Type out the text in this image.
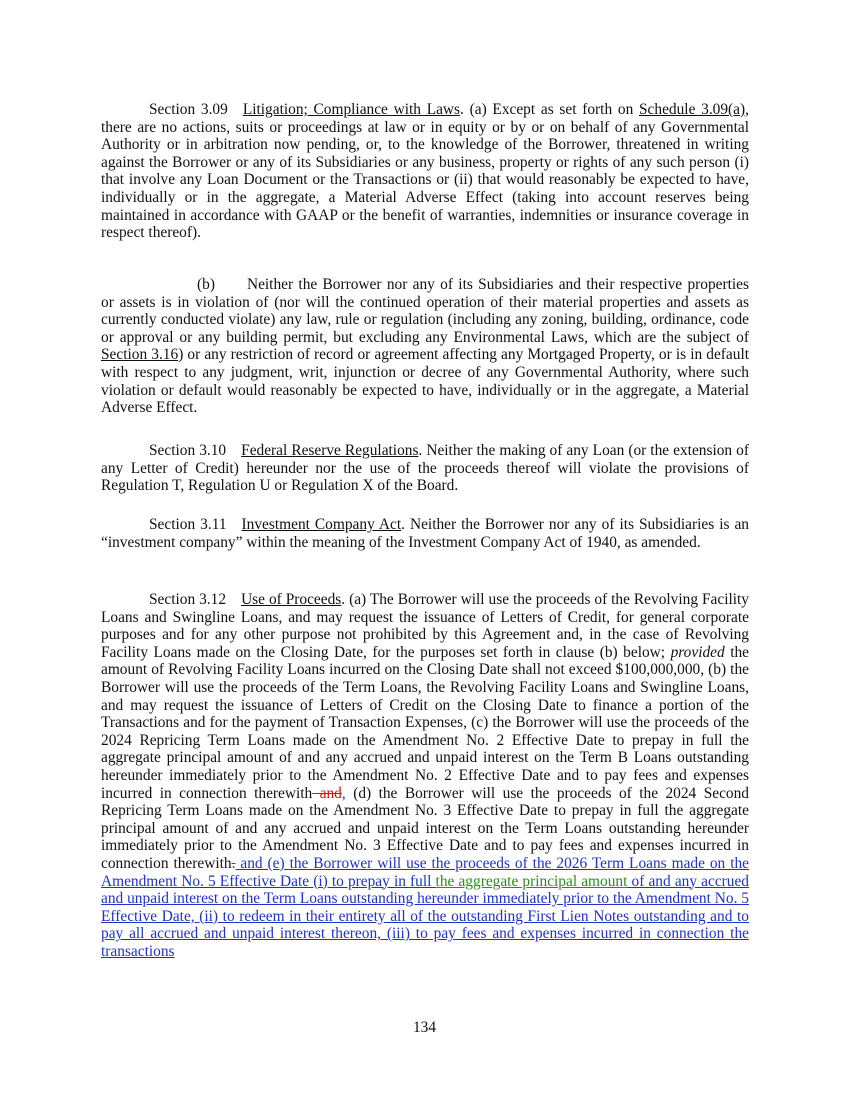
Section 3.09 Litigation; Compliance with Laws. (a) Except as set forth on Schedule 3.09(a), there are no actions, suits or proceedings at law or in equity or by or on behalf of any Governmental Authority or in arbitration now pending, or, to the knowledge of the Borrower, threatened in writing against the Borrower or any of its Subsidiaries or any business, property or rights of any such person (i) that involve any Loan Document or the Transactions or (ii) that would reasonably be expected to have, individually or in the aggregate, a Material Adverse Effect (taking into account reserves being maintained in accordance with GAAP or the benefit of warranties, indemnities or insurance coverage in respect thereof).

(b) Neither the Borrower nor any of its Subsidiaries and their respective properties or assets is in violation of (nor will the continued operation of their material properties and assets as currently conducted violate) any law, rule or regulation (including any zoning, building, ordinance, code or approval or any building permit, but excluding any Environmental Laws, which are the subject of Section 3.16) or any restriction of record or agreement affecting any Mortgaged Property, or is in default with respect to any judgment, writ, injunction or decree of any Governmental Authority, where such violation or default would reasonably be expected to have, individually or in the aggregate, a Material Adverse Effect.

Section 3.10 Federal Reserve Regulations. Neither the making of any Loan (or the extension of any Letter of Credit) hereunder nor the use of the proceeds thereof will violate the provisions of Regulation T, Regulation U or Regulation X of the Board.

Section 3.11 Investment Company Act. Neither the Borrower nor any of its Subsidiaries is an “investment company” within the meaning of the Investment Company Act of 1940, as amended.

Section 3.12 Use of Proceeds. (a) The Borrower will use the proceeds of the Revolving Facility Loans and Swingline Loans, and may request the issuance of Letters of Credit, for general corporate purposes and for any other purpose not prohibited by this Agreement and, in the case of Revolving Facility Loans made on the Closing Date, for the purposes set forth in clause (b) below; provided the amount of Revolving Facility Loans incurred on the Closing Date shall not exceed $100,000,000, (b) the Borrower will use the proceeds of the Term Loans, the Revolving Facility Loans and Swingline Loans, and may request the issuance of Letters of Credit on the Closing Date to finance a portion of the Transactions and for the payment of Transaction Expenses, (c) the Borrower will use the proceeds of the 2024 Repricing Term Loans made on the Amendment No. 2 Effective Date to prepay in full the aggregate principal amount of and any accrued and unpaid interest on the Term B Loans outstanding hereunder immediately prior to the Amendment No. 2 Effective Date and to pay fees and expenses incurred in connection therewith and, (d) the Borrower will use the proceeds of the 2024 Second Repricing Term Loans made on the Amendment No. 3 Effective Date to prepay in full the aggregate principal amount of and any accrued and unpaid interest on the Term Loans outstanding hereunder immediately prior to the Amendment No. 3 Effective Date and to pay fees and expenses incurred in connection therewith. and (e) the Borrower will use the proceeds of the 2026 Term Loans made on the Amendment No. 5 Effective Date (i) to prepay in full the aggregate principal amount of and any accrued and unpaid interest on the Term Loans outstanding hereunder immediately prior to the Amendment No. 5 Effective Date, (ii) to redeem in their entirety all of the outstanding First Lien Notes outstanding and to pay all accrued and unpaid interest thereon, (iii) to pay fees and expenses incurred in connection the transactions

134
